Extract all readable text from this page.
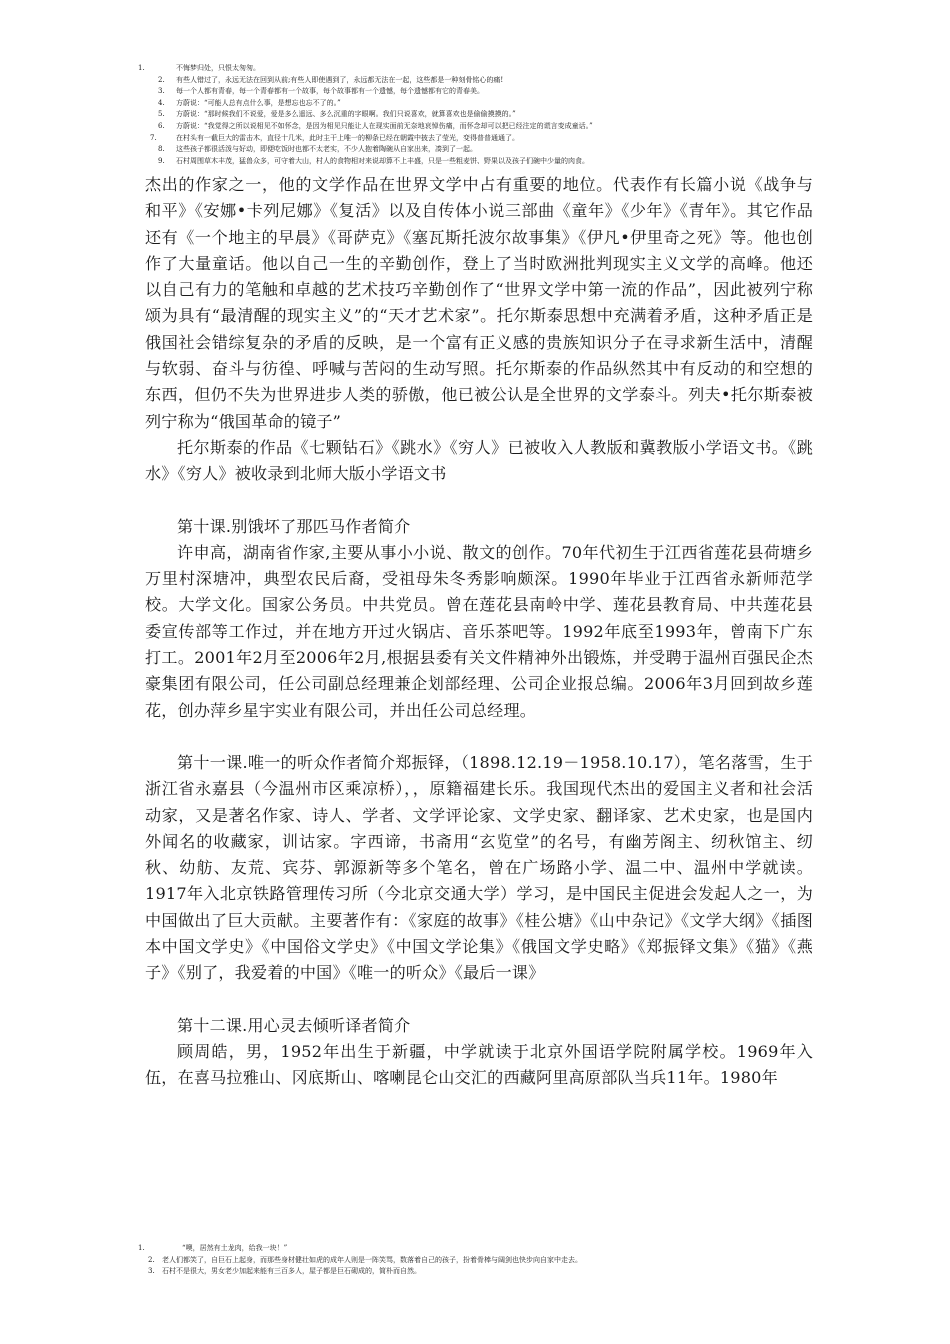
1.	不悔梦归处，只恨太匆匆。
2.	有些人错过了，永远无法在回到从前;有些人即使遇到了，永远都无法在一起，这些都是一种刻骨铭心的痛!
3.	每一个人都有青春，每一个青春都有一个故事，每个故事都有一个遗憾，每个遗憾都有它的青春美。
4.	方蔚说：“可能人总有点什么事，是想忘也忘不了的。”
5.	方蔚说：“那时候我们不说爱，爱是多么遥远、多么沉重的字眼啊。我们只说喜欢，就算喜欢也是偷偷摸摸的。”
6.	方蔚说：“我觉得之所以说相见不如怀念，是因为相见只能让人在现实面前无奈地哀悼伤痛，而怀念却可以把已经注定的谎言变成童话。”
7.	在村头有一截巨大的雷击木，直径十几米，此时主干上唯一的柳条已经在朝霞中披去了莹光，变得普普通通了。
8.	这些孩子都很活泼与好动，即便吃饭时也都不太老实，不少人抱着陶碗从自家出来，凑到了一起。
9.	石村周围草木丰茂，猛兽众多，可守着大山，村人的食物相对来说却算不上丰盛，只是一些粗麦饼、野果以及孩子们碗中少量的肉食。

杰出的作家之一，他的文学作品在世界文学中占有重要的地位。代表作有长篇小说《战争与和平》《安娜•卡列尼娜》《复活》以及自传体小说三部曲《童年》《少年》《青年》。其它作品还有《一个地主的早晨》《哥萨克》《塞瓦斯托波尔故事集》《伊凡•伊里奇之死》等。他也创作了大量童话。他以自己一生的辛勤创作，登上了当时欧洲批判现实主义文学的高峰。他还以自己有力的笔触和卓越的艺术技巧辛勤创作了“世界文学中第一流的作品”，因此被列宁称颂为具有“最清醒的现实主义”的“天才艺术家”。托尔斯泰思想中充满着矛盾，这种矛盾正是俄国社会错综复杂的矛盾的反映，是一个富有正义感的贵族知识分子在寻求新生活中，清醒与软弱、奋斗与彷徨、呼喊与苦闷的生动写照。托尔斯泰的作品纵然其中有反动的和空想的东西，但仍不失为世界进步人类的骄傲，他已被公认是全世界的文学泰斗。列夫•托尔斯泰被列宁称为“俄国革命的镜子”

托尔斯泰的作品《七颗钻石》《跳水》《穷人》已被收入人教版和冀教版小学语文书。《跳水》《穷人》被收录到北师大版小学语文书

第十课.别饿坏了那匹马作者简介

许申高，湖南省作家,主要从事小小说、散文的创作。70年代初生于江西省莲花县荷塘乡万里村深塘冲，典型农民后裔，受祖母朱冬秀影响颇深。1990年毕业于江西省永新师范学校。大学文化。国家公务员。中共党员。曾在莲花县南岭中学、莲花县教育局、中共莲花县委宣传部等工作过，并在地方开过火锅店、音乐茶吧等。1992年底至1993年，曾南下广东打工。2001年2月至2006年2月,根据县委有关文件精神外出锻炼，并受聘于温州百强民企杰豪集团有限公司，任公司副总经理兼企划部经理、公司企业报总编。2006年3月回到故乡莲花，创办萍乡星宇实业有限公司，并出任公司总经理。

第十一课.唯一的听众作者简介郑振铎，（1898.12.19－1958.10.17），笔名落雪，生于浙江省永嘉县（今温州市区乘凉桥），，原籍福建长乐。我国现代杰出的爱国主义者和社会活动家，又是著名作家、诗人、学者、文学评论家、文学史家、翻译家、艺术史家，也是国内外闻名的收藏家，训诂家。字西谛，书斋用“玄览堂”的名号，有幽芳阁主、纫秋馆主、纫秋、幼舫、友荒、宾芬、郭源新等多个笔名，曾在广场路小学、温二中、温州中学就读。1917年入北京铁路管理传习所（今北京交通大学）学习，是中国民主促进会发起人之一，为中国做出了巨大贡献。主要著作有：《家庭的故事》《桂公塘》《山中杂记》《文学大纲》《插图本中国文学史》《中国俗文学史》《中国文学论集》《俄国文学史略》《郑振铎文集》《猫》《燕子》《别了，我爱着的中国》《唯一的听众》《最后一课》

第十二课.用心灵去倾听译者简介

顾周皓，男，1952年出生于新疆，中学就读于北京外国语学院附属学校。1969年入伍，在喜马拉雅山、冈底斯山、喀喇昆仑山交汇的西藏阿里高原部队当兵11年。1980年

1.	“噢，居然有土龙肉，给我一块！”
2.	老人们都笑了，自巨石上起身，而那些身材健壮如虎的成年人则是一阵笑骂，数落着自己的孩子，扮着骨棒与阔剑也快步向自家中走去。
3.	石村不是很大，男女老少加起来能有三百多人，屋子都是巨石砌成的，简朴而自然。
